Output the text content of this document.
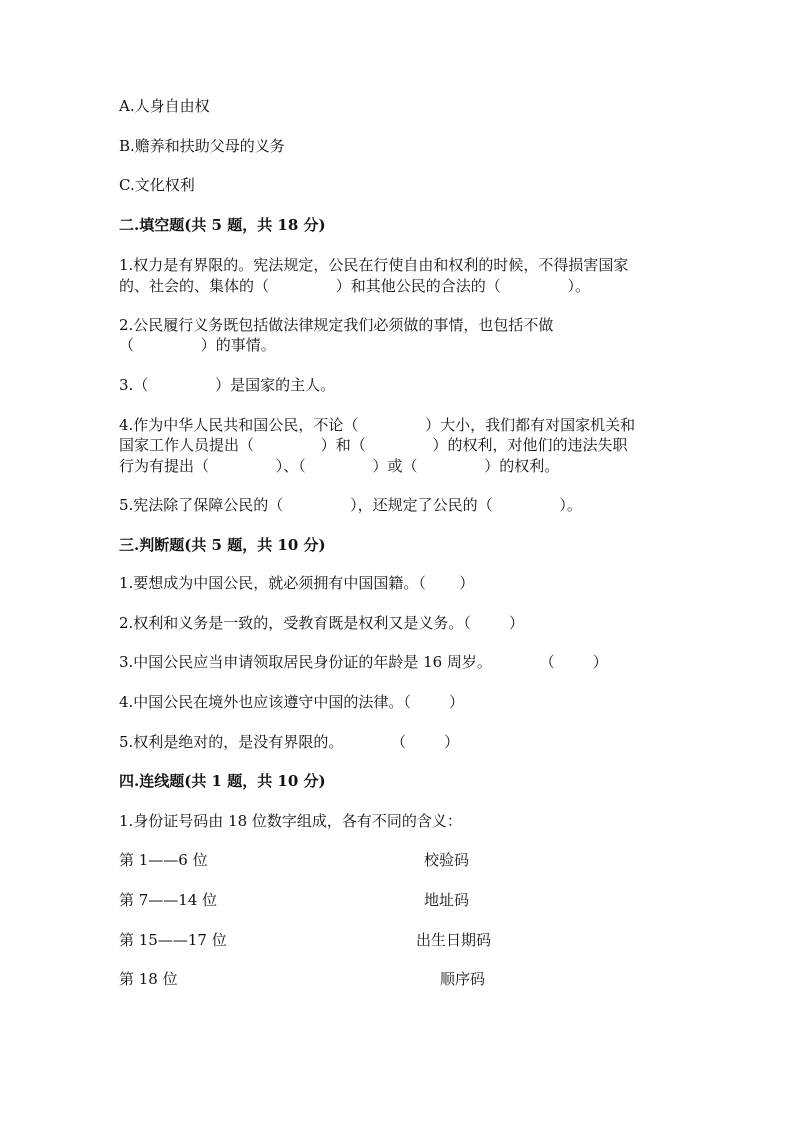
A.人身自由权

B.赡养和扶助父母的义务

C.文化权利

二.填空题(共 5 题，共 18 分)

1.权力是有界限的。宪法规定，公民在行使自由和权利的时候，不得损害国家

的、社会的、集体的（              ）和其他公民的合法的（              ）。

2.公民履行义务既包括做法律规定我们必须做的事情，也包括不做

（              ）的事情。

3.（              ）是国家的主人。

4.作为中华人民共和国公民，不论（              ）大小，我们都有对国家机关和

国家工作人员提出（              ）和（              ）的权利，对他们的违法失职

行为有提出（              ）、（              ）或（              ）的权利。

5.宪法除了保障公民的（              ），还规定了公民的（              ）。

三.判断题(共 5 题，共 10 分)

1.要想成为中国公民，就必须拥有中国国籍。（       ）

2.权利和义务是一致的，受教育既是权利又是义务。（        ）

3.中国公民应当申请领取居民身份证的年龄是 16 周岁。          （        ）

4.中国公民在境外也应该遵守中国的法律。（        ）

5.权利是绝对的，是没有界限的。          （        ）

四.连线题(共 1 题，共 10 分)

1.身份证号码由 18 位数字组成，各有不同的含义：

第 1——6 位	校验码

第 7——14 位	地址码

第 15——17 位	出生日期码

第 18 位	顺序码
